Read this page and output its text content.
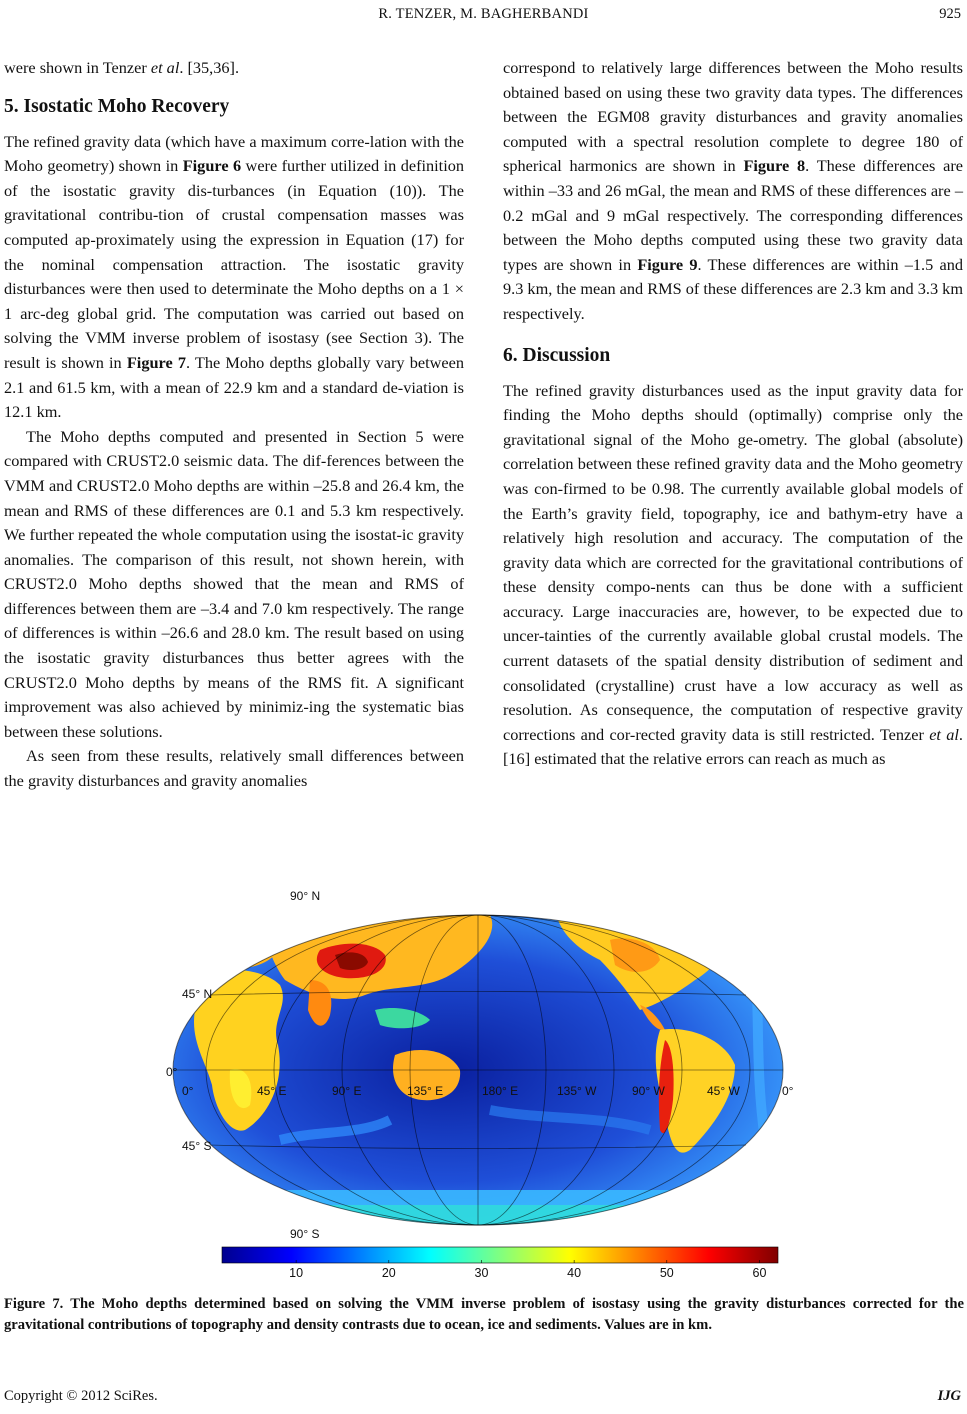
R. TENZER, M. BAGHERBANDI	925

were shown in Tenzer et al. [35,36].

5. Isostatic Moho Recovery

The refined gravity data (which have a maximum corre-lation with the Moho geometry) shown in Figure 6 were further utilized in definition of the isostatic gravity dis-turbances (in Equation (10)). The gravitational contribu-tion of crustal compensation masses was computed ap-proximately using the expression in Equation (17) for the nominal compensation attraction. The isostatic gravity disturbances were then used to determinate the Moho depths on a 1 × 1 arc-deg global grid. The computation was carried out based on solving the VMM inverse problem of isostasy (see Section 3). The result is shown in Figure 7. The Moho depths globally vary between 2.1 and 61.5 km, with a mean of 22.9 km and a standard de-viation is 12.1 km.

The Moho depths computed and presented in Section 5 were compared with CRUST2.0 seismic data. The dif-ferences between the VMM and CRUST2.0 Moho depths are within –25.8 and 26.4 km, the mean and RMS of these differences are 0.1 and 5.3 km respectively. We further repeated the whole computation using the isostat-ic gravity anomalies. The comparison of this result, not shown herein, with CRUST2.0 Moho depths showed that the mean and RMS of differences between them are –3.4 and 7.0 km respectively. The range of differences is within –26.6 and 28.0 km. The result based on using the isostatic gravity disturbances thus better agrees with the CRUST2.0 Moho depths by means of the RMS fit. A significant improvement was also achieved by minimiz-ing the systematic bias between these solutions.

As seen from these results, relatively small differences between the gravity disturbances and gravity anomalies

correspond to relatively large differences between the Moho results obtained based on using these two gravity data types. The differences between the EGM08 gravity disturbances and gravity anomalies computed with a spectral resolution complete to degree 180 of spherical harmonics are shown in Figure 8. These differences are within –33 and 26 mGal, the mean and RMS of these differences are –0.2 mGal and 9 mGal respectively. The corresponding differences between the Moho depths computed using these two gravity data types are shown in Figure 9. These differences are within –1.5 and 9.3 km, the mean and RMS of these differences are 2.3 km and 3.3 km respectively.

6. Discussion

The refined gravity disturbances used as the input gravity data for finding the Moho depths should (optimally) comprise only the gravitational signal of the Moho ge-ometry. The global (absolute) correlation between these refined gravity data and the Moho geometry was con-firmed to be 0.98. The currently available global models of the Earth’s gravity field, topography, ice and bathym-etry have a relatively high resolution and accuracy. The computation of the gravity data which are corrected for the gravitational contributions of these density compo-nents can thus be done with a sufficient accuracy. Large inaccuracies are, however, to be expected due to uncer-tainties of the currently available global crustal models. The current datasets of the spatial density distribution of sediment and consolidated (crystalline) crust have a low accuracy as well as resolution. As consequence, the computation of respective gravity corrections and cor-rected gravity data is still restricted. Tenzer et al. [16] estimated that the relative errors can reach as much as

90° N
45° N
0°
45° S
90° S
0°	45° E	90° E	135° E	180° E	135° W	90° W	45° W	0°
10	20	30	40	50	60
Figure 7. The Moho depths determined based on solving the VMM inverse problem of isostasy using the gravity disturbances corrected for the gravitational contributions of topography and density contrasts due to ocean, ice and sediments. Values are in km.
Copyright © 2012 SciRes.	IJG
